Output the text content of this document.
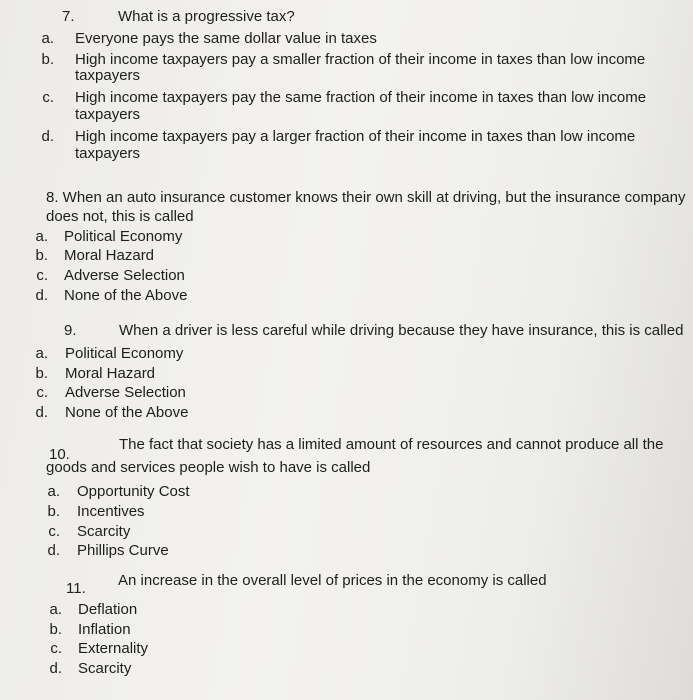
7.	What is a progressive tax?
a. Everyone pays the same dollar value in taxes
b. High income taxpayers pay a smaller fraction of their income in taxes than low income
taxpayers
c. High income taxpayers pay the same fraction of their income in taxes than low income
taxpayers
d. High income taxpayers pay a larger fraction of their income in taxes than low income
taxpayers
8. When an auto insurance customer knows their own skill at driving, but the insurance company
does not, this is called
a. Political Economy
b. Moral Hazard
c. Adverse Selection
d. None of the Above
9.	When a driver is less careful while driving because they have insurance, this is called
a. Political Economy
b. Moral Hazard
c. Adverse Selection
d. None of the Above
10.
The fact that society has a limited amount of resources and cannot produce all the
goods and services people wish to have is called
a. Opportunity Cost
b. Incentives
c. Scarcity
d. Phillips Curve
11. An increase in the overall level of prices in the economy is called
a. Deflation
b. Inflation
c. Externality
d. Scarcity
